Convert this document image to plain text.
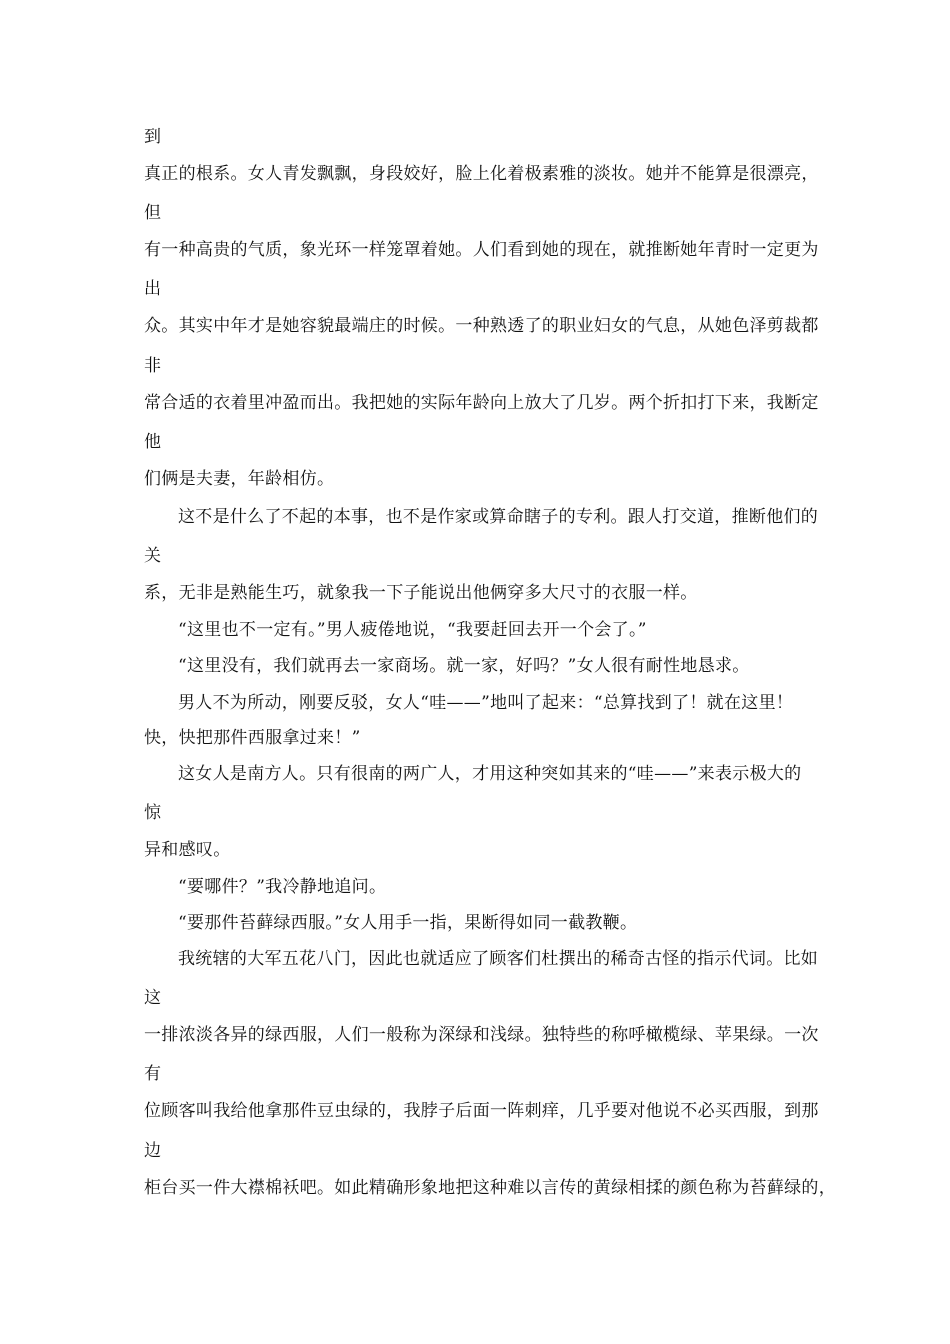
到
真正的根系。女人青发飘飘，身段姣好，脸上化着极素雅的淡妆。她并不能算是很漂亮，
但
有一种高贵的气质，象光环一样笼罩着她。人们看到她的现在，就推断她年青时一定更为
出
众。其实中年才是她容貌最端庄的时候。一种熟透了的职业妇女的气息，从她色泽剪裁都
非
常合适的衣着里冲盈而出。我把她的实际年龄向上放大了几岁。两个折扣打下来，我断定
他
们俩是夫妻，年龄相仿。
这不是什么了不起的本事，也不是作家或算命瞎子的专利。跟人打交道，推断他们的
关
系，无非是熟能生巧，就象我一下子能说出他俩穿多大尺寸的衣服一样。
“这里也不一定有。”男人疲倦地说，“我要赶回去开一个会了。”
“这里没有，我们就再去一家商场。就一家，好吗？”女人很有耐性地恳求。
男人不为所动，刚要反驳，女人“哇——”地叫了起来：“总算找到了！就在这里！
快，快把那件西服拿过来！”
这女人是南方人。只有很南的两广人，才用这种突如其来的“哇——”来表示极大的
惊
异和感叹。
“要哪件？”我冷静地追问。
“要那件苔藓绿西服。”女人用手一指，果断得如同一截教鞭。
我统辖的大军五花八门，因此也就适应了顾客们杜撰出的稀奇古怪的指示代词。比如
这
一排浓淡各异的绿西服，人们一般称为深绿和浅绿。独特些的称呼橄榄绿、苹果绿。一次
有
位顾客叫我给他拿那件豆虫绿的，我脖子后面一阵刺痒，几乎要对他说不必买西服，到那
边
柜台买一件大襟棉袄吧。如此精确形象地把这种难以言传的黄绿相揉的颜色称为苔藓绿的，
